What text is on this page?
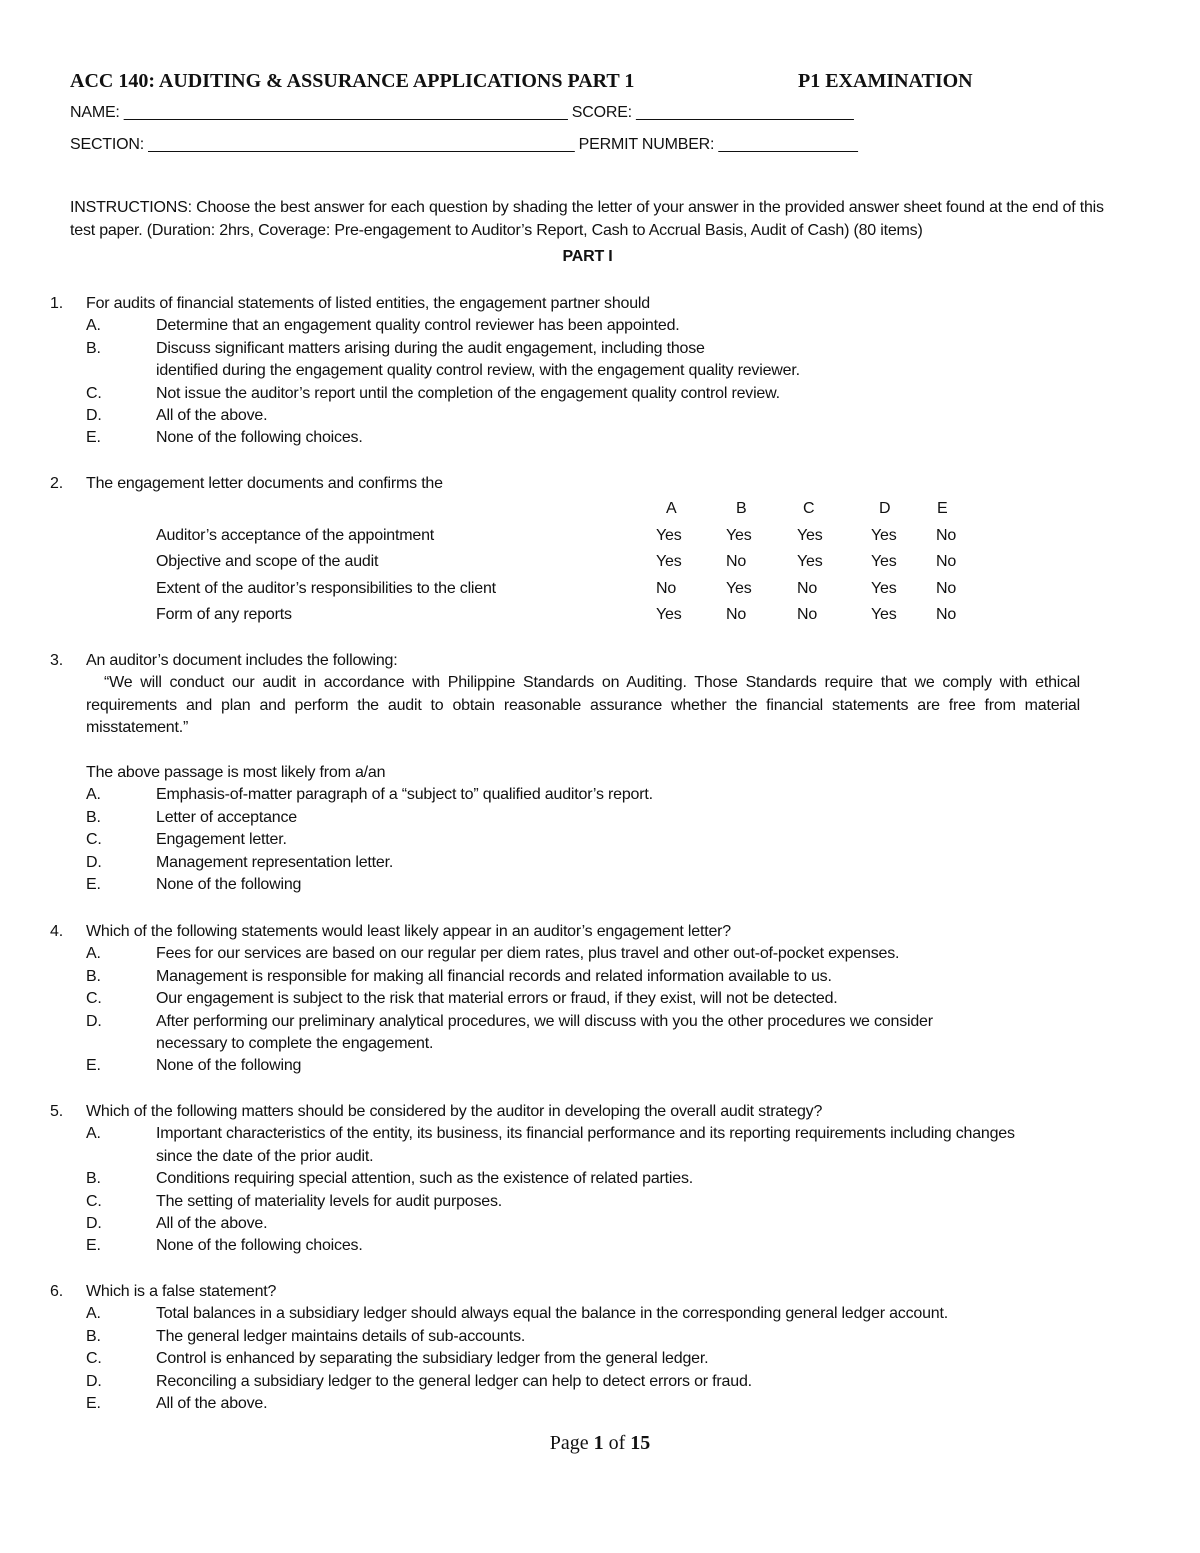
ACC 140: AUDITING & ASSURANCE APPLICATIONS PART 1	P1 EXAMINATION
NAME: ___________________________________________________ SCORE: _________________________
SECTION: _________________________________________________ PERMIT NUMBER: ________________
INSTRUCTIONS: Choose the best answer for each question by shading the letter of your answer in the provided answer sheet found at the end of this test paper. (Duration: 2hrs, Coverage: Pre-engagement to Auditor’s Report, Cash to Accrual Basis, Audit of Cash) (80 items)
PART I
1. For audits of financial statements of listed entities, the engagement partner should
A.	Determine that an engagement quality control reviewer has been appointed.
B.	Discuss significant matters arising during the audit engagement, including those
identified during the engagement quality control review, with the engagement quality reviewer.
C.	Not issue the auditor’s report until the completion of the engagement quality control review.
D.	All of the above.
E.	None of the following choices.
2. The engagement letter documents and confirms the
A	B	C	D	E
Auditor’s acceptance of the appointment	Yes	Yes	Yes	Yes No
Objective and scope of the audit	Yes	No	Yes	Yes No
Extent of the auditor’s responsibilities to the client	No	Yes	No	Yes No
Form of any reports	Yes	No	No	Yes No
3. An auditor’s document includes the following:
“We will conduct our audit in accordance with Philippine Standards on Auditing. Those Standards require that we comply with ethical requirements and plan and perform the audit to obtain reasonable assurance whether the financial statements are free from material misstatement.”
The above passage is most likely from a/an
A.	Emphasis-of-matter paragraph of a “subject to” qualified auditor’s report.
B.	Letter of acceptance
C.	Engagement letter.
D.	Management representation letter.
E.	None of the following
4. Which of the following statements would least likely appear in an auditor’s engagement letter?
A.	Fees for our services are based on our regular per diem rates, plus travel and other out-of-pocket expenses.
B.	Management is responsible for making all financial records and related information available to us.
C.	Our engagement is subject to the risk that material errors or fraud, if they exist, will not be detected.
D.	After performing our preliminary analytical procedures, we will discuss with you the other procedures we consider
necessary to complete the engagement.
E.	None of the following
5. Which of the following matters should be considered by the auditor in developing the overall audit strategy?
A.	Important characteristics of the entity, its business, its financial performance and its reporting requirements including changes
since the date of the prior audit.
B.	Conditions requiring special attention, such as the existence of related parties.
C.	The setting of materiality levels for audit purposes.
D.	All of the above.
E.	None of the following choices.
6. Which is a false statement?
A.	Total balances in a subsidiary ledger should always equal the balance in the corresponding general ledger account.
B.	The general ledger maintains details of sub-accounts.
C.	Control is enhanced by separating the subsidiary ledger from the general ledger.
D.	Reconciling a subsidiary ledger to the general ledger can help to detect errors or fraud.
E.	All of the above.
Page 1 of 15
